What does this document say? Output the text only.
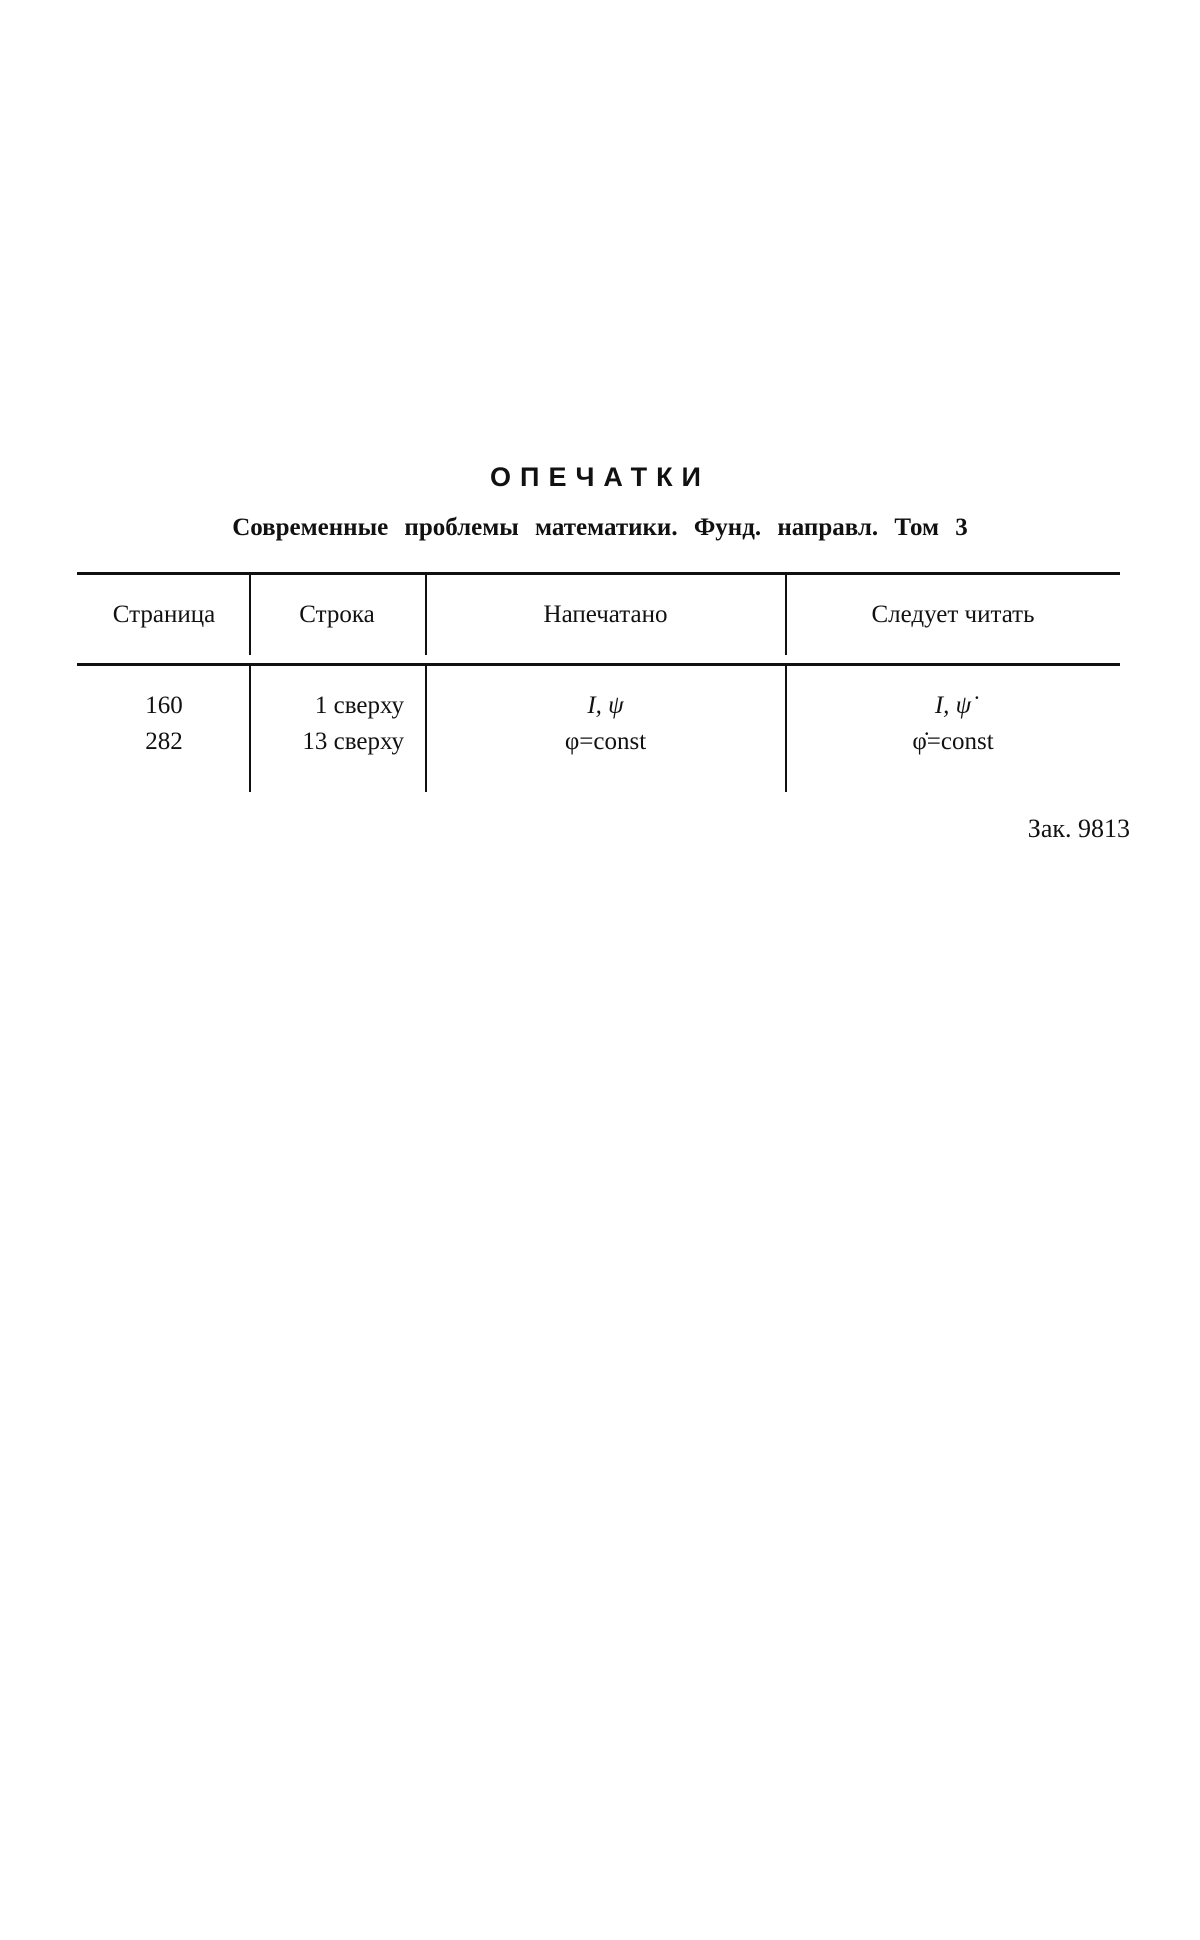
ОПЕЧАТКИ
Современные проблемы математики. Фунд. направл. Том 3
Страница	Строка	Напечатано	Следует читать
160	1 сверху	I, ψ	I, ψ̇
282	13 сверху	φ=const	φ̇=const
Зак. 9813
